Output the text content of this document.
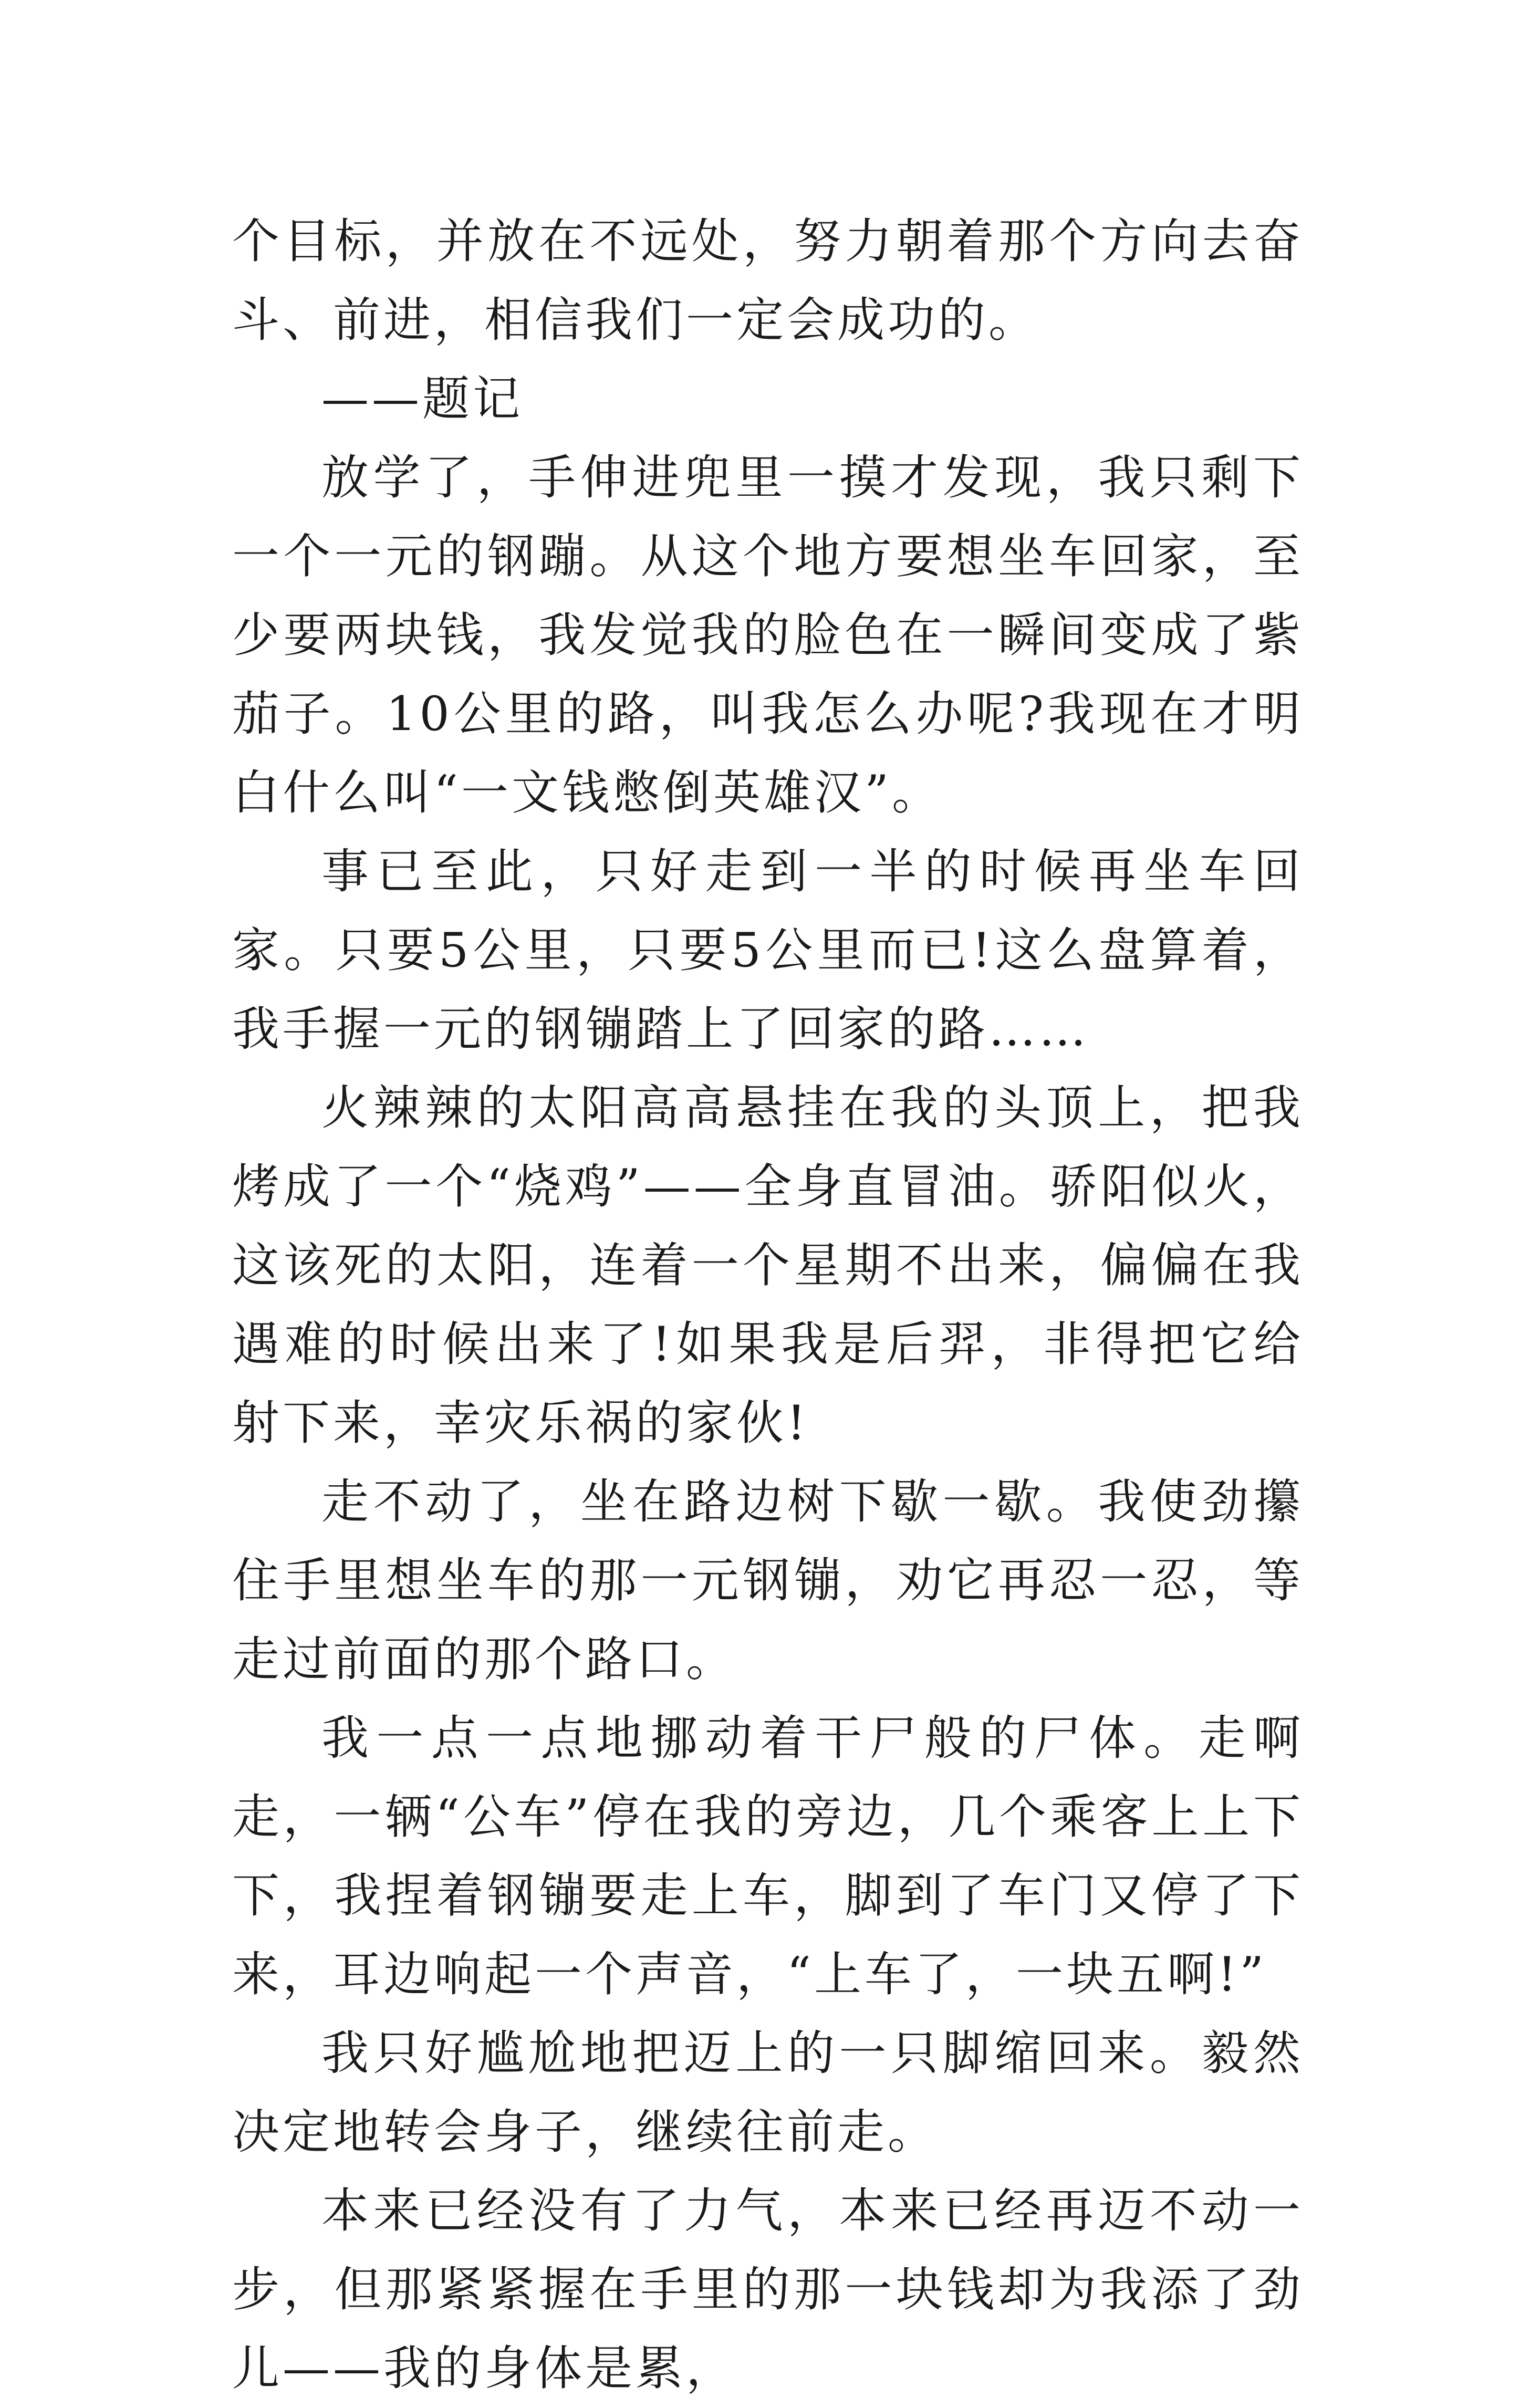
个目标，并放在不远处，努力朝着那个方向去奋斗、前进，相信我们一定会成功的。

——题记

放学了，手伸进兜里一摸才发现，我只剩下一个一元的钢蹦。从这个地方要想坐车回家，至少要两块钱，我发觉我的脸色在一瞬间变成了紫茄子。10公里的路，叫我怎么办呢?我现在才明白什么叫“一文钱憋倒英雄汉”。

事已至此，只好走到一半的时候再坐车回家。只要5公里，只要5公里而已!这么盘算着，我手握一元的钢镚踏上了回家的路……

火辣辣的太阳高高悬挂在我的头顶上，把我烤成了一个“烧鸡”——全身直冒油。骄阳似火，这该死的太阳，连着一个星期不出来，偏偏在我遇难的时候出来了!如果我是后羿，非得把它给射下来，幸灾乐祸的家伙!

走不动了，坐在路边树下歇一歇。我使劲攥住手里想坐车的那一元钢镚，劝它再忍一忍，等走过前面的那个路口。

我一点一点地挪动着干尸般的尸体。走啊走，一辆“公车”停在我的旁边，几个乘客上上下下，我捏着钢镚要走上车，脚到了车门又停了下来，耳边响起一个声音，“上车了，一块五啊!”

我只好尴尬地把迈上的一只脚缩回来。毅然决定地转会身子，继续往前走。

本来已经没有了力气，本来已经再迈不动一步，但那紧紧握在手里的那一块钱却为我添了劲儿——我的身体是累，
